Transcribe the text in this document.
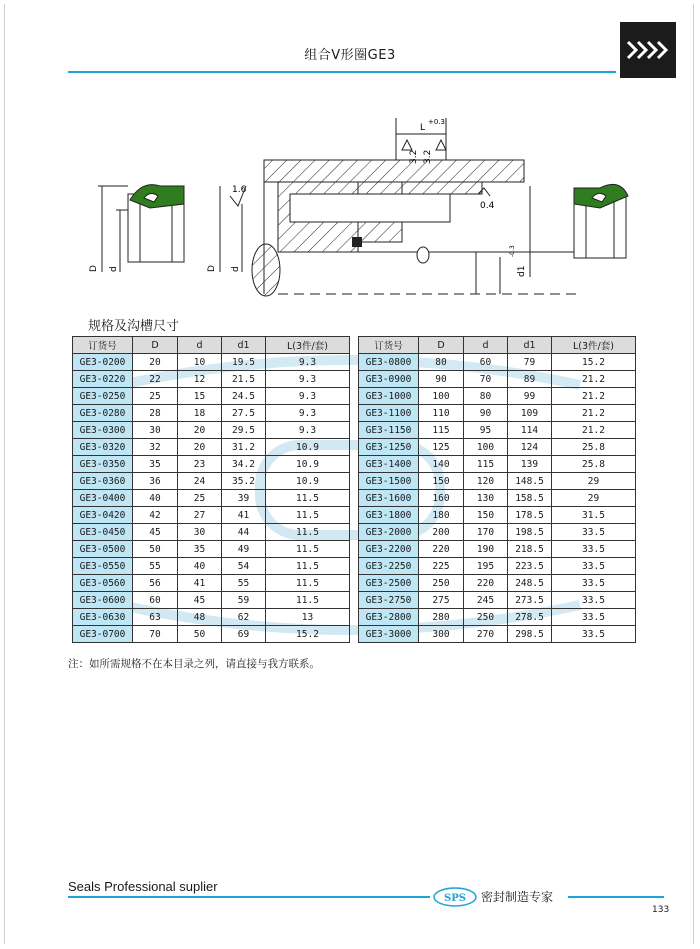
组合V形圈GE3
D d	D d
L
+0.3
3.2 3.2
1.6
0.4
d1
-0.3
规格及沟槽尺寸
订货号	D	d	d1	L(3件/套)
GE3-0200	20	10	19.5	9.3
GE3-0220	22	12	21.5	9.3
GE3-0250	25	15	24.5	9.3
GE3-0280	28	18	27.5	9.3
GE3-0300	30	20	29.5	9.3
GE3-0320	32	20	31.2	10.9
GE3-0350	35	23	34.2	10.9
GE3-0360	36	24	35.2	10.9
GE3-0400	40	25	39	11.5
GE3-0420	42	27	41	11.5
GE3-0450	45	30	44	11.5
GE3-0500	50	35	49	11.5
GE3-0550	55	40	54	11.5
GE3-0560	56	41	55	11.5
GE3-0600	60	45	59	11.5
GE3-0630	63	48	62	13
GE3-0700	70	50	69	15.2
订货号	D	d	d1	L(3件/套)
GE3-0800	80	60	79	15.2
GE3-0900	90	70	89	21.2
GE3-1000	100	80	99	21.2
GE3-1100	110	90	109	21.2
GE3-1150	115	95	114	21.2
GE3-1250	125	100	124	25.8
GE3-1400	140	115	139	25.8
GE3-1500	150	120	148.5	29
GE3-1600	160	130	158.5	29
GE3-1800	180	150	178.5	31.5
GE3-2000	200	170	198.5	33.5
GE3-2200	220	190	218.5	33.5
GE3-2250	225	195	223.5	33.5
GE3-2500	250	220	248.5	33.5
GE3-2750	275	245	273.5	33.5
GE3-2800	280	250	278.5	33.5
GE3-3000	300	270	298.5	33.5
注：如所需规格不在本目录之列，请直接与我方联系。
Seals Professional suplier
SPS 密封制造专家
133
